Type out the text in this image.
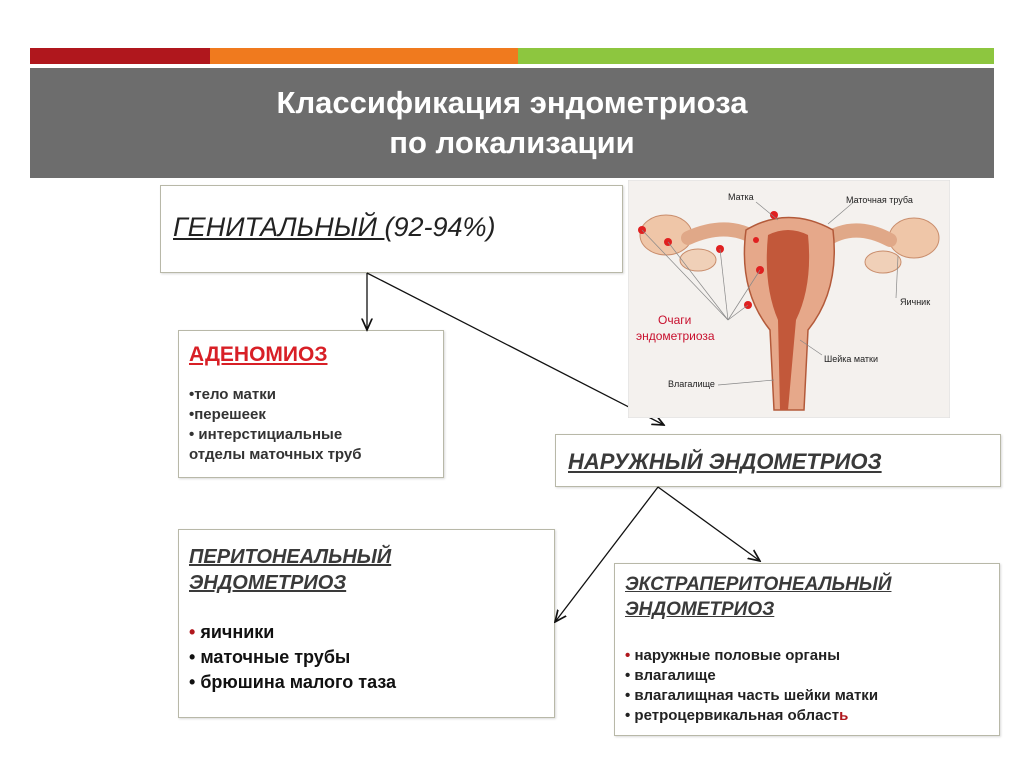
Классификация эндометриоза
по локализации
ГЕНИТАЛЬНЫЙ (92-94%)
АДЕНОМИОЗ
•тело матки
•перешеек
• интерстициальные
отделы маточных труб	НАРУЖНЫЙ ЭНДОМЕТРИОЗ
ПЕРИТОНЕАЛЬНЫЙ
ЭНДОМЕТРИОЗ
• яичники
• маточные трубы
• брюшина малого таза
ЭКСТРАПЕРИТОНЕАЛЬНЫЙ
ЭНДОМЕТРИОЗ
• наружные половые органы
• влагалище
• влагалищная часть шейки матки
• ретроцервикальная область
Матка	Маточная труба
Яичник
Очаги
эндометриоза
Шейка матки
Влагалище
